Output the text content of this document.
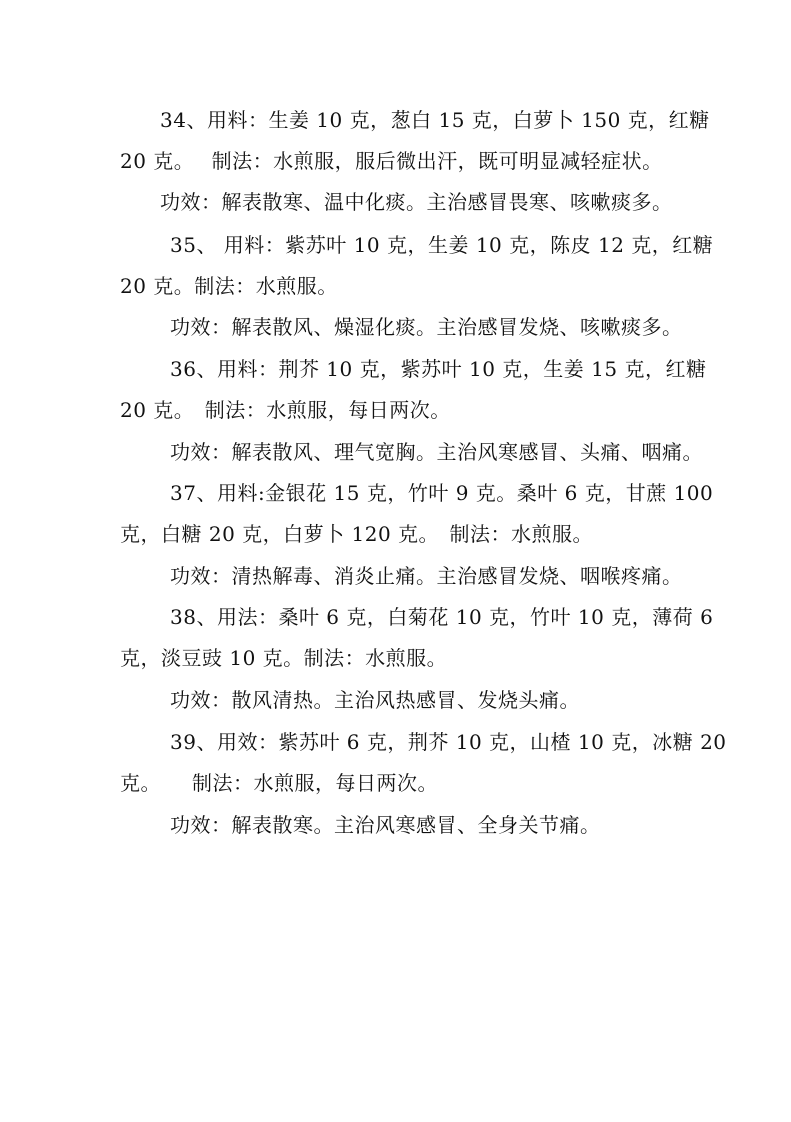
34、用料：生姜 10 克，葱白 15 克，白萝卜 150 克，红糖
20 克。　 制法：水煎服，服后微出汗，既可明显减轻症状。
功效：解表散寒、温中化痰。主治感冒畏寒、咳嗽痰多。
35、 用料：紫苏叶 10 克，生姜 10 克，陈皮 12 克，红糖
20 克。制法：水煎服。
功效：解表散风、燥湿化痰。主治感冒发烧、咳嗽痰多。
36、用料：荆芥 10 克，紫苏叶 10 克，生姜 15 克，红糖
20 克。　制法：水煎服，每日两次。
功效：解表散风、理气宽胸。主治风寒感冒、头痛、咽痛。
37、用料:金银花 15 克，竹叶 9 克。桑叶 6 克，甘蔗 100
克，白糖 20 克，白萝卜 120 克。　制法：水煎服。
功效：清热解毒、消炎止痛。主治感冒发烧、咽喉疼痛。
38、用法：桑叶 6 克，白菊花 10 克，竹叶 10 克，薄荷 6
克，淡豆豉 10 克。制法：水煎服。
功效：散风清热。主治风热感冒、发烧头痛。
39、用效：紫苏叶 6 克，荆芥 10 克，山楂 10 克，冰糖 20
克。　　制法：水煎服，每日两次。
功效：解表散寒。主治风寒感冒、全身关节痛。
